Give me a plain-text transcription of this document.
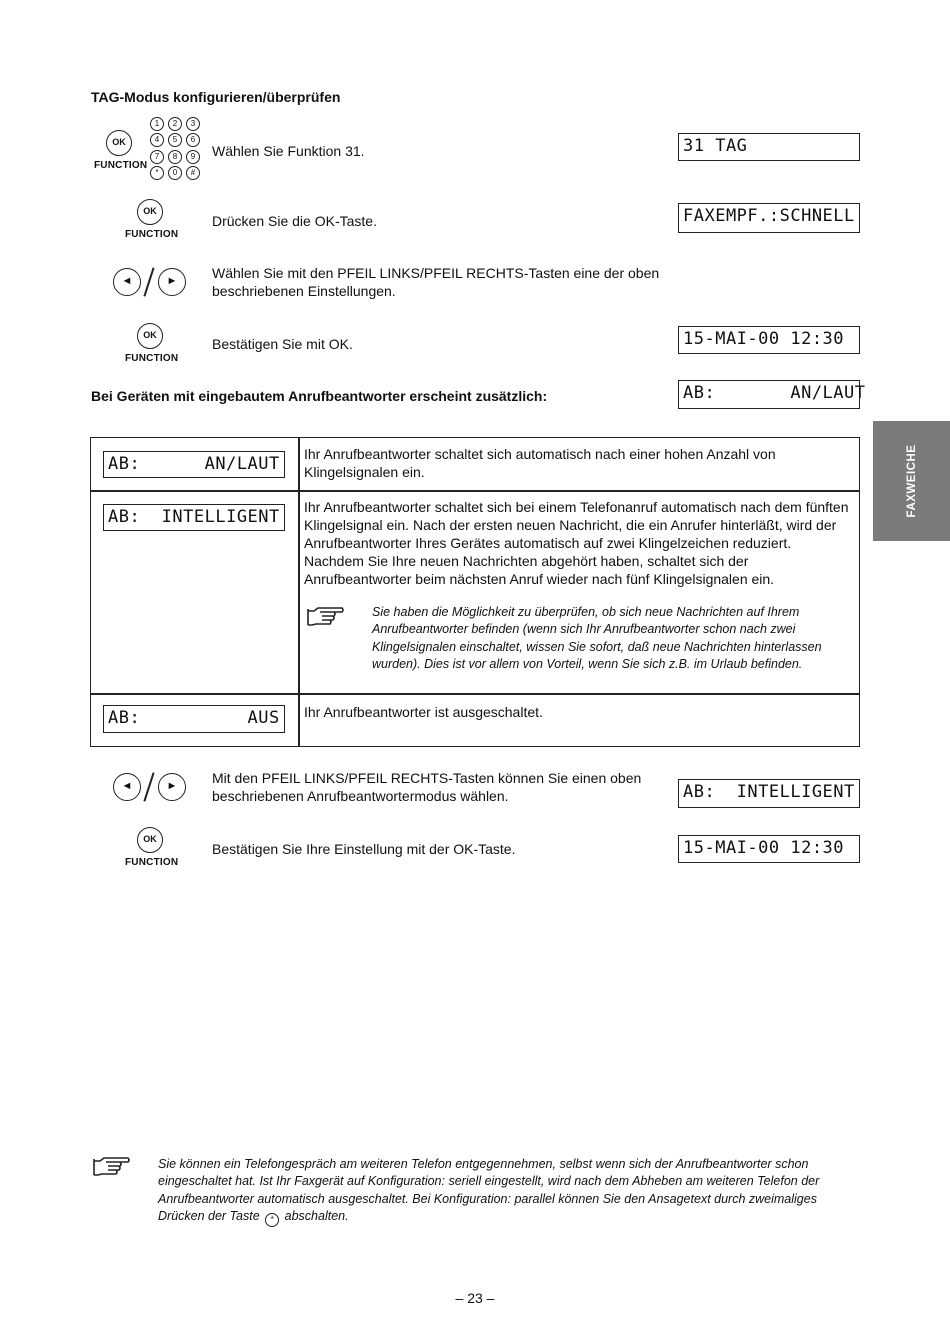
TAG-Modus konfigurieren/überprüfen
OK
FUNCTION
1	2	3
4	5	6
7	8	9
*	0	#
Wählen Sie Funktion 31.	31 TAG
OK
FUNCTION
Drücken Sie die OK-Taste.	FAXEMPF.:SCHNELL
◄	►	Wählen Sie mit den PFEIL LINKS/PFEIL RECHTS-Tasten eine der oben beschriebenen Einstellungen.
OK
FUNCTION
Bestätigen Sie mit OK.	15-MAI-00 12:30
Bei Geräten mit eingebautem Anrufbeantworter erscheint zusätzlich:	AB:       AN/LAUT
AB:      AN/LAUT	Ihr Anrufbeantworter schaltet sich automatisch nach einer hohen Anzahl von Klingelsignalen ein.
AB:  INTELLIGENT	Ihr Anrufbeantworter schaltet sich bei einem Telefonanruf automatisch nach dem fünften Klingelsignal ein. Nach der ersten neuen Nachricht, die ein Anrufer hinterläßt, wird der Anrufbeantworter Ihres Gerätes automatisch auf zwei Klingelzeichen reduziert. Nachdem Sie Ihre neuen Nachrichten abgehört haben, schaltet sich der Anrufbeantworter beim nächsten Anruf wieder nach fünf Klingelsignalen ein.
Sie haben die Möglichkeit zu überprüfen, ob sich neue Nachrichten auf Ihrem Anrufbeantworter befinden (wenn sich Ihr Anrufbeantworter schon nach zwei Klingelsignalen einschaltet, wissen Sie sofort, daß neue Nachrichten hinterlassen wurden). Dies ist vor allem von Vorteil, wenn Sie sich z.B. im Urlaub befinden.
AB:          AUS	Ihr Anrufbeantworter ist ausgeschaltet.
◄	►	Mit den PFEIL LINKS/PFEIL RECHTS-Tasten können Sie einen oben beschriebenen Anrufbeantwortermodus wählen.	AB:  INTELLIGENT
OK
FUNCTION
Bestätigen Sie Ihre Einstellung mit der OK-Taste.	15-MAI-00 12:30
FAXWEICHE
Sie können ein Telefongespräch am weiteren Telefon entgegennehmen, selbst wenn sich der Anrufbeantworter schon eingeschaltet hat. Ist Ihr Faxgerät auf Konfiguration: seriell eingestellt, wird nach dem Abheben am weiteren Telefon der Anrufbeantworter automatisch ausgeschaltet. Bei Konfiguration: parallel können Sie den Ansagetext durch zweimaliges Drücken der Taste * abschalten.
– 23 –
